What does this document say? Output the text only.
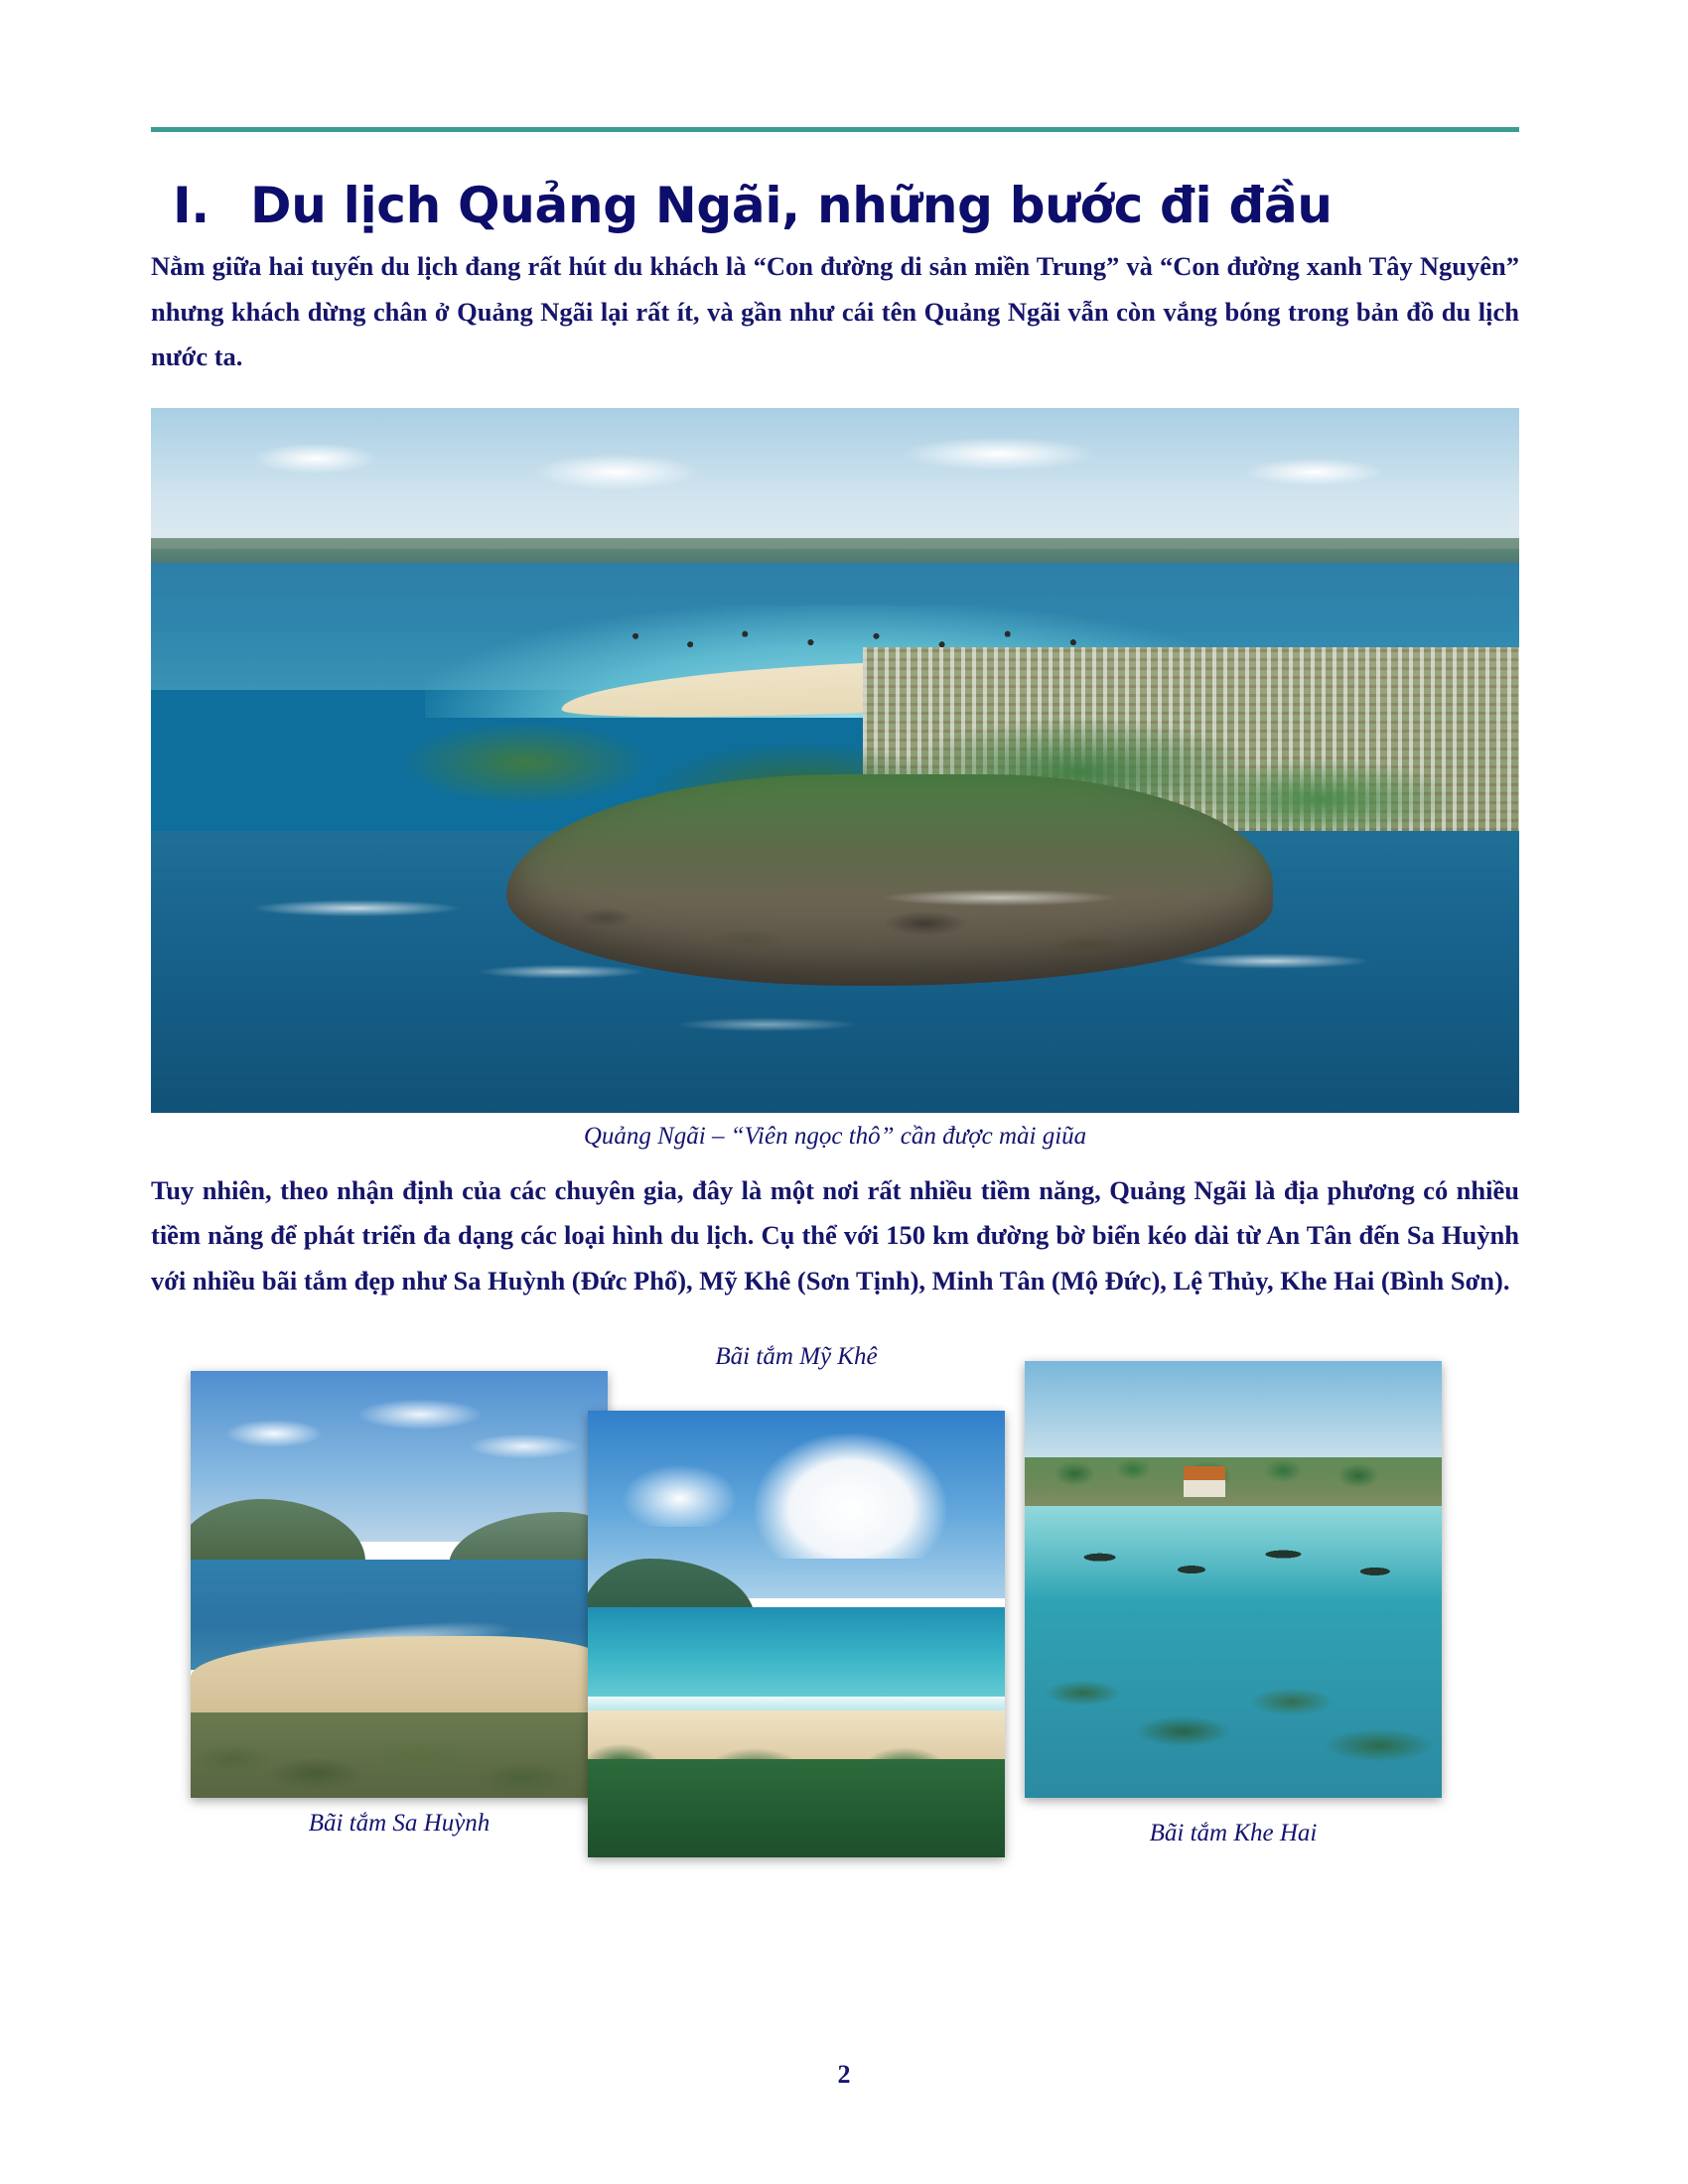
I. Du lịch Quảng Ngãi, những bước đi đầu

Nằm giữa hai tuyến du lịch đang rất hút du khách là “Con đường di sản miền Trung” và “Con đường xanh Tây Nguyên” nhưng khách dừng chân ở Quảng Ngãi lại rất ít, và gần như cái tên Quảng Ngãi vẫn còn vắng bóng trong bản đồ du lịch nước ta.

Quảng Ngãi – “Viên ngọc thô” cần được mài giũa

Tuy nhiên, theo nhận định của các chuyên gia, đây là một nơi rất nhiều tiềm năng, Quảng Ngãi là địa phương có nhiều tiềm năng để phát triển đa dạng các loại hình du lịch. Cụ thể với 150 km đường bờ biển kéo dài từ An Tân đến Sa Huỳnh với nhiều bãi tắm đẹp như Sa Huỳnh (Đức Phổ), Mỹ Khê (Sơn Tịnh), Minh Tân (Mộ Đức), Lệ Thủy, Khe Hai (Bình Sơn).

Bãi tắm Mỹ Khê
Bãi tắm Sa Huỳnh	Bãi tắm Khe Hai
2
